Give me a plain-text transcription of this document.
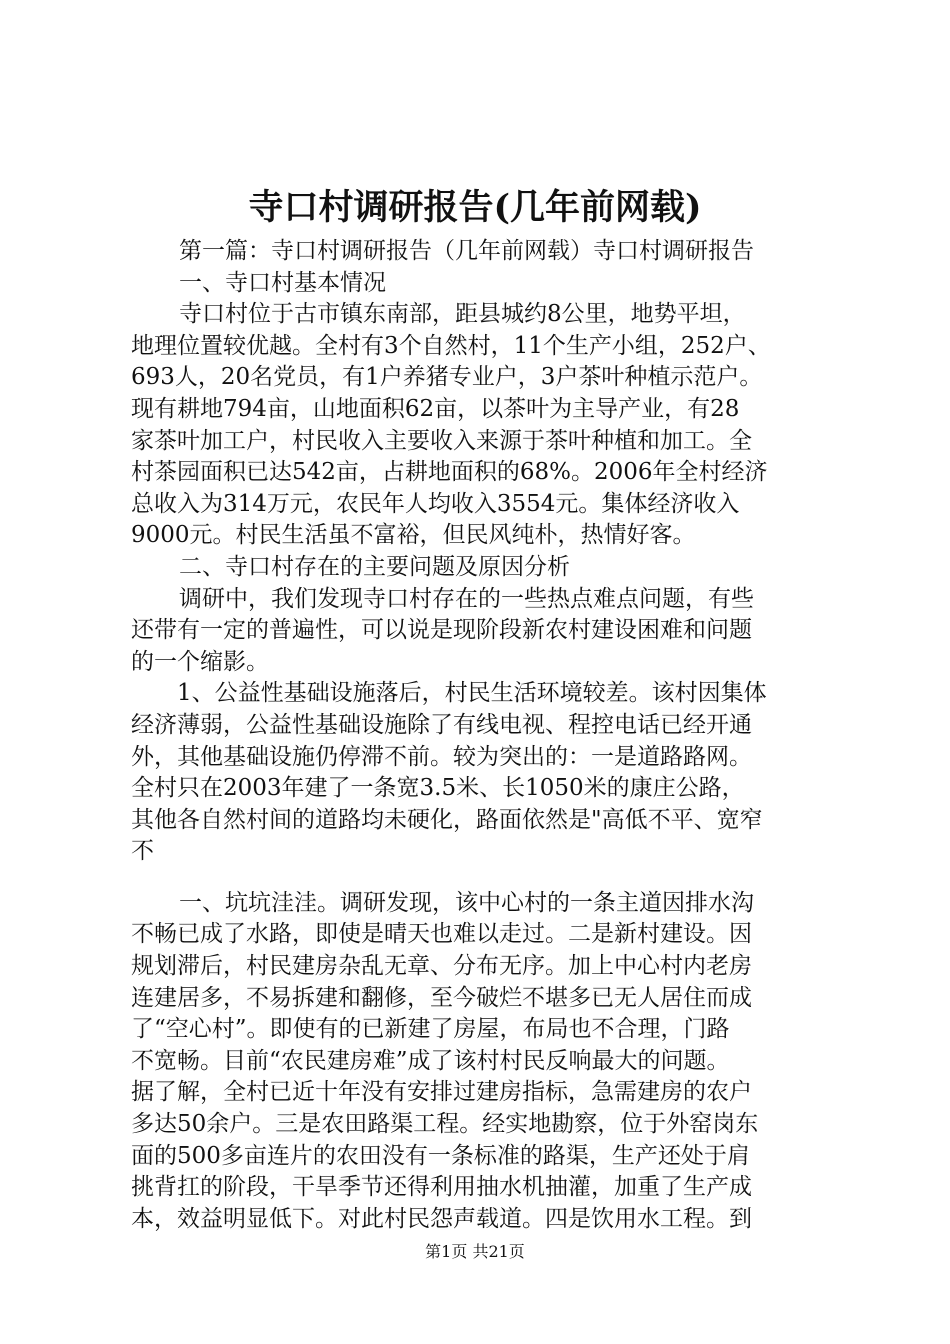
寺口村调研报告(几年前网载)
第一篇：寺口村调研报告（几年前网载）寺口村调研报告
一、寺口村基本情况
寺口村位于古市镇东南部，距县城约8公里，地势平坦，
地理位置较优越。全村有3个自然村，11个生产小组，252户、
693人，20名党员，有1户养猪专业户，3户茶叶种植示范户。
现有耕地794亩，山地面积62亩，以茶叶为主导产业，有28
家茶叶加工户，村民收入主要收入来源于茶叶种植和加工。全
村茶园面积已达542亩，占耕地面积的68%。2006年全村经济
总收入为314万元，农民年人均收入3554元。集体经济收入
9000元。村民生活虽不富裕，但民风纯朴，热情好客。
二、寺口村存在的主要问题及原因分析
调研中，我们发现寺口村存在的一些热点难点问题，有些
还带有一定的普遍性，可以说是现阶段新农村建设困难和问题
的一个缩影。
1、公益性基础设施落后，村民生活环境较差。该村因集体
经济薄弱，公益性基础设施除了有线电视、程控电话已经开通
外，其他基础设施仍停滞不前。较为突出的：一是道路路网。
全村只在2003年建了一条宽3.5米、长1050米的康庄公路，
其他各自然村间的道路均未硬化，路面依然是"高低不平、宽窄
不
一、坑坑洼洼。调研发现，该中心村的一条主道因排水沟
不畅已成了水路，即使是晴天也难以走过。二是新村建设。因
规划滞后，村民建房杂乱无章、分布无序。加上中心村内老房
连建居多，不易拆建和翻修，至今破烂不堪多已无人居住而成
了“空心村”。即使有的已新建了房屋，布局也不合理，门路
不宽畅。目前“农民建房难”成了该村村民反响最大的问题。
据了解，全村已近十年没有安排过建房指标，急需建房的农户
多达50余户。三是农田路渠工程。经实地勘察，位于外窑岗东
面的500多亩连片的农田没有一条标准的路渠，生产还处于肩
挑背扛的阶段，干旱季节还得利用抽水机抽灌，加重了生产成
本，效益明显低下。对此村民怨声载道。四是饮用水工程。到
第1页 共21页
